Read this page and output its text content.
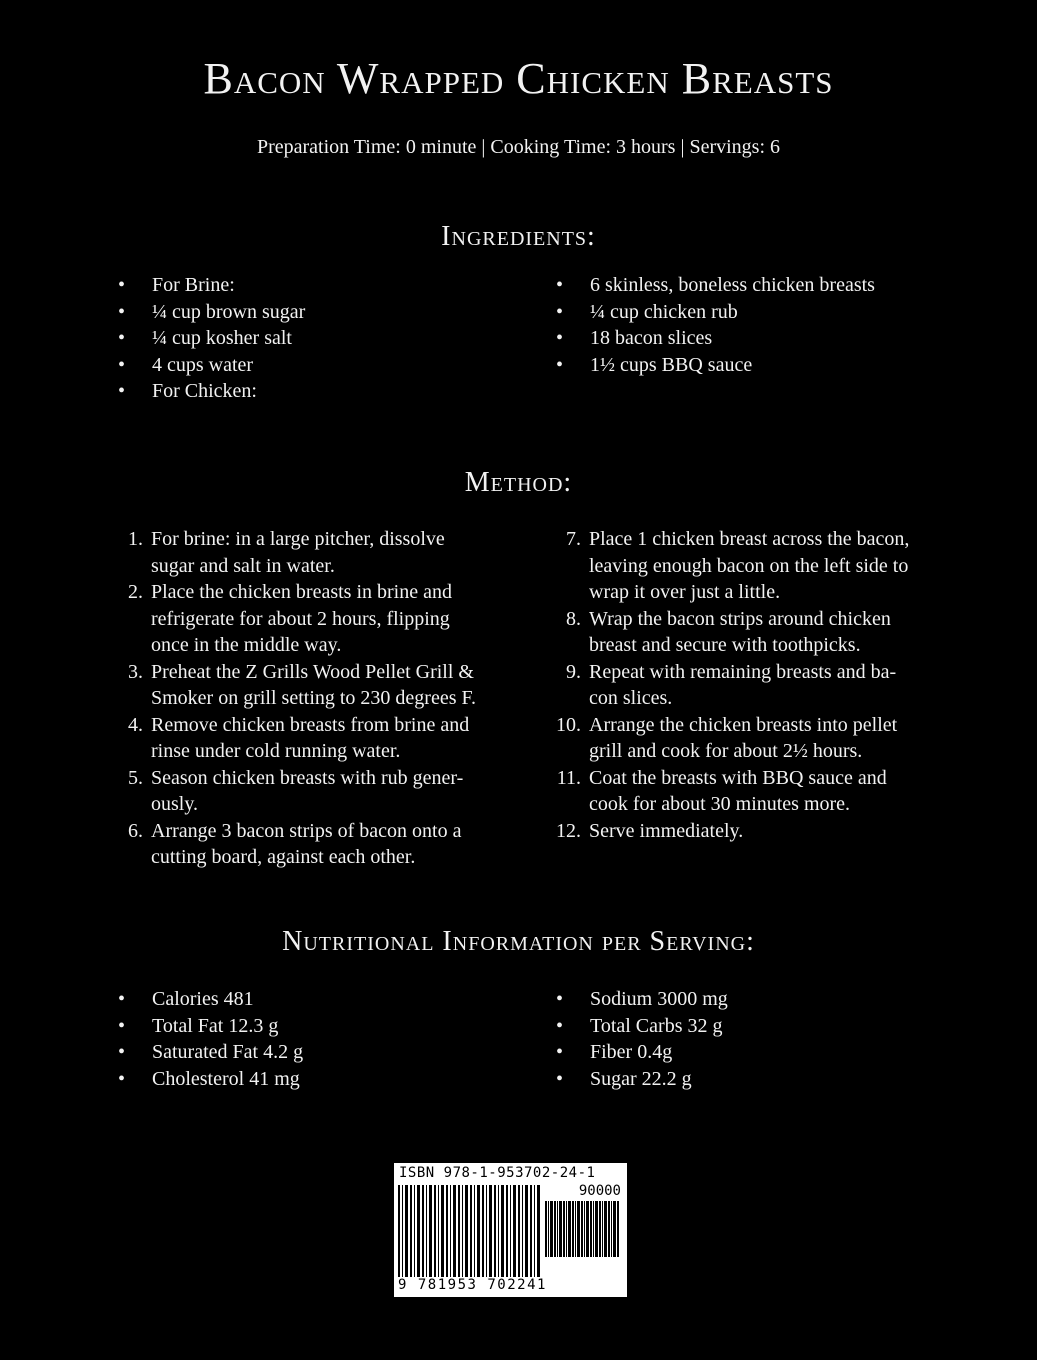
Bacon Wrapped Chicken Breasts
Preparation Time: 0 minute | Cooking Time: 3 hours | Servings: 6
Ingredients:
• For Brine:
• ¼ cup brown sugar
• ¼ cup kosher salt
• 4 cups water
• For Chicken:
• 6 skinless, boneless chicken breasts
• ¼ cup chicken rub
• 18 bacon slices
• 1½ cups BBQ sauce
Method:
1. For brine: in a large pitcher, dissolve
sugar and salt in water.
2. Place the chicken breasts in brine and
refrigerate for about 2 hours, flipping
once in the middle way.
3. Preheat the Z Grills Wood Pellet Grill &
Smoker on grill setting to 230 degrees F.
4. Remove chicken breasts from brine and
rinse under cold running water.
5. Season chicken breasts with rub gener-
ously.
6. Arrange 3 bacon strips of bacon onto a
cutting board, against each other.
7. Place 1 chicken breast across the bacon,
leaving enough bacon on the left side to
wrap it over just a little.
8. Wrap the bacon strips around chicken
breast and secure with toothpicks.
9. Repeat with remaining breasts and ba-
con slices.
10. Arrange the chicken breasts into pellet
grill and cook for about 2½ hours.
11. Coat the breasts with BBQ sauce and
cook for about 30 minutes more.
12. Serve immediately.
Nutritional Information per Serving:
• Calories 481
• Total Fat 12.3 g
• Saturated Fat 4.2 g
• Cholesterol 41 mg
• Sodium 3000 mg
• Total Carbs 32 g
• Fiber 0.4g
• Sugar 22.2 g
ISBN 978-1-953702-24-1
90000
9 781953 702241
